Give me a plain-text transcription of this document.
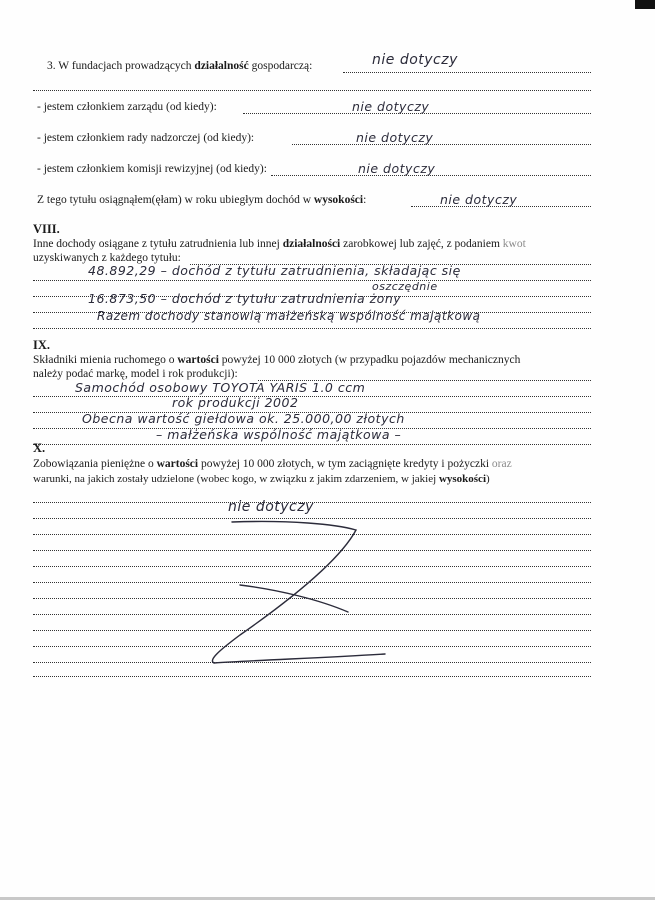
3. W fundacjach prowadzących działalność gospodarczą:	nie dotyczy
- jestem członkiem zarządu (od kiedy):	nie dotyczy
- jestem członkiem rady nadzorczej (od kiedy):	nie dotyczy
- jestem członkiem komisji rewizyjnej (od kiedy):	nie dotyczy
Z tego tytułu osiągnąłem(ęłam) w roku ubiegłym dochód w wysokości:	nie dotyczy
VIII.
Inne dochody osiągane z tytułu zatrudnienia lub innej działalności zarobkowej lub zajęć, z podaniem kwot
uzyskiwanych z każdego tytułu:
48.892,29 – dochód z tytułu zatrudnienia, składając się
oszczędnie
16.873,50 – dochód z tytułu zatrudnienia żony
Razem dochody stanowią małżeńską wspólność majątkową
IX.
Składniki mienia ruchomego o wartości powyżej 10 000 złotych (w przypadku pojazdów mechanicznych
należy podać markę, model i rok produkcji):
Samochód osobowy TOYOTA YARIS 1.0 ccm
rok produkcji 2002
Obecna wartość giełdowa ok. 25.000,00 złotych
– małżeńska wspólność majątkowa –
X.
Zobowiązania pieniężne o wartości powyżej 10 000 złotych, w tym zaciągnięte kredyty i pożyczki oraz
warunki, na jakich zostały udzielone (wobec kogo, w związku z jakim zdarzeniem, w jakiej wysokości)
nie dotyczy
